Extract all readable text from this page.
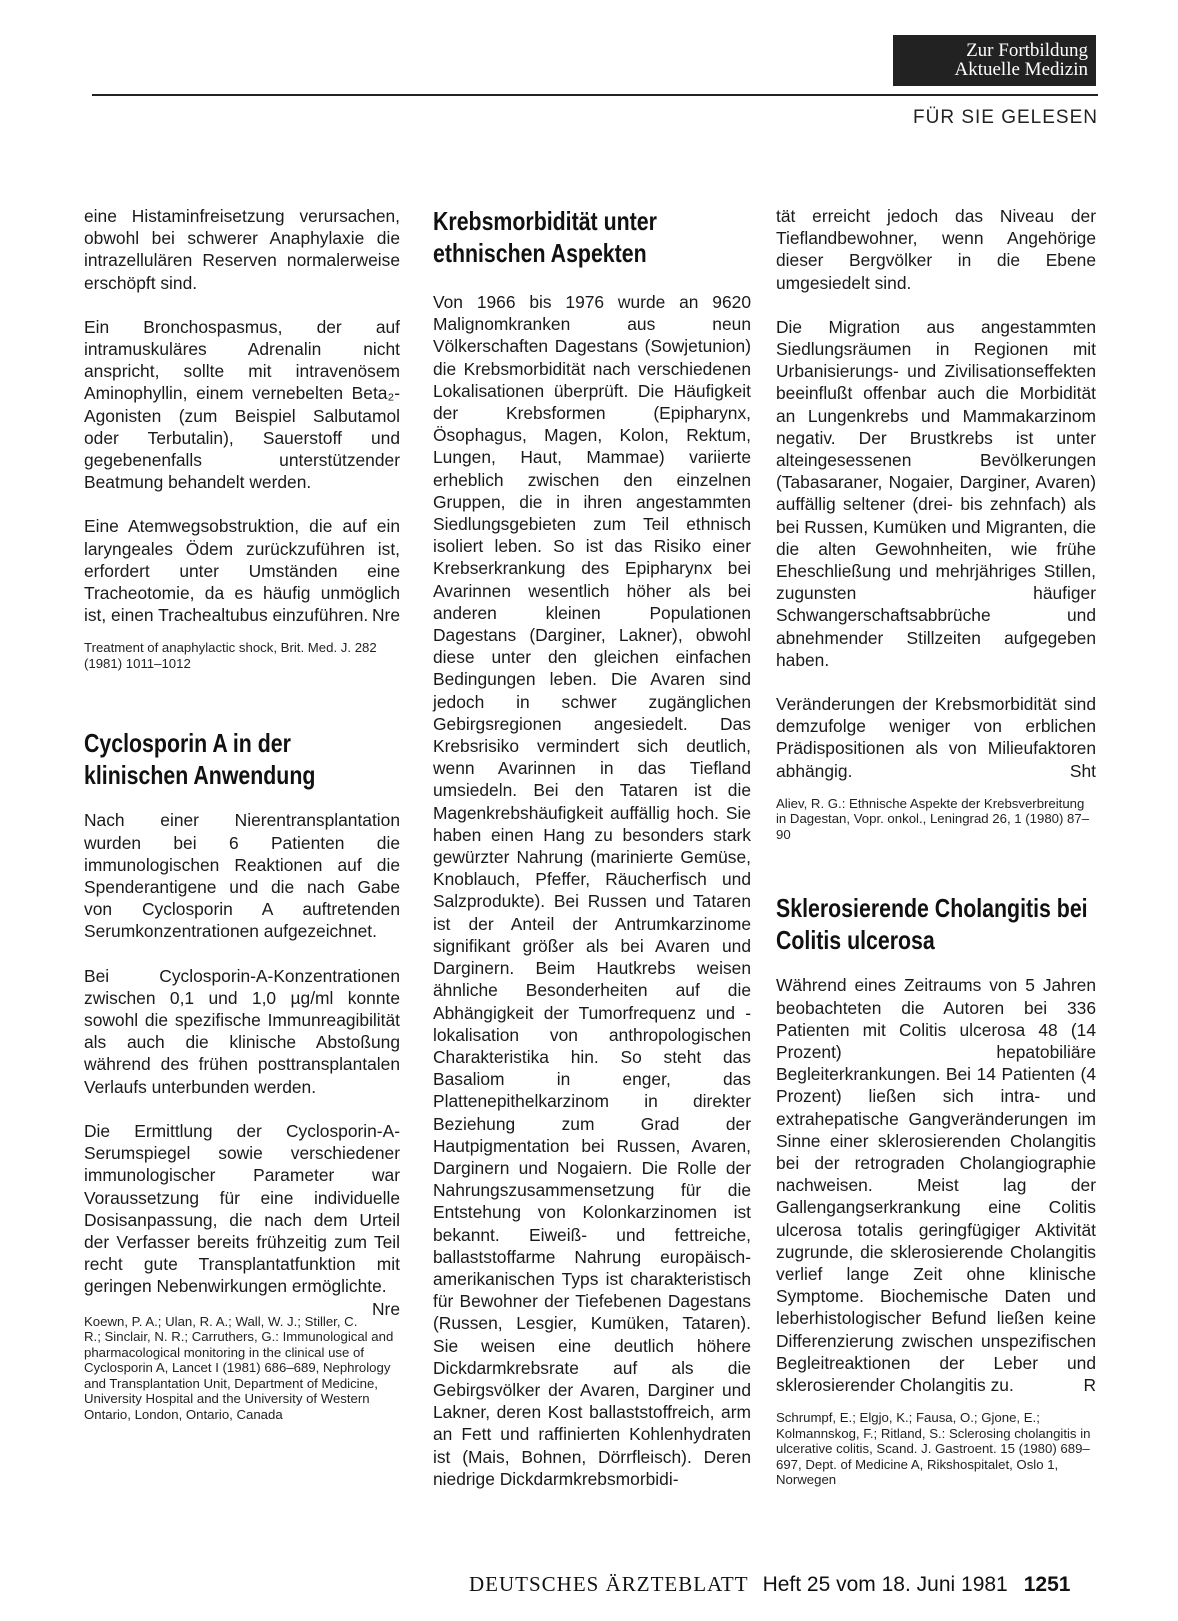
Zur Fortbildung
Aktuelle Medizin
FÜR SIE GELESEN

eine Histaminfreisetzung verursachen, obwohl bei schwerer Anaphylaxie die intrazellulären Reserven normalerweise erschöpft sind.

Ein Bronchospasmus, der auf intramuskuläres Adrenalin nicht anspricht, sollte mit intravenösem Aminophyllin, einem vernebelten Beta₂-Agonisten (zum Beispiel Salbutamol oder Terbutalin), Sauerstoff und gegebenenfalls unterstützender Beatmung behandelt werden.

Eine Atemwegsobstruktion, die auf ein laryngeales Ödem zurückzuführen ist, erfordert unter Umständen eine Tracheotomie, da es häufig unmöglich ist, einen Trachealtubus einzuführen. Nre

Treatment of anaphylactic shock, Brit. Med. J. 282 (1981) 1011–1012

Cyclosporin A in der klinischen Anwendung

Nach einer Nierentransplantation wurden bei 6 Patienten die immunologischen Reaktionen auf die Spenderantigene und die nach Gabe von Cyclosporin A auftretenden Serumkonzentrationen aufgezeichnet.

Bei Cyclosporin-A-Konzentrationen zwischen 0,1 und 1,0 µg/ml konnte sowohl die spezifische Immunreagibilität als auch die klinische Abstoßung während des frühen posttransplantalen Verlaufs unterbunden werden.

Die Ermittlung der Cyclosporin-A-Serumspiegel sowie verschiedener immunologischer Parameter war Voraussetzung für eine individuelle Dosisanpassung, die nach dem Urteil der Verfasser bereits frühzeitig zum Teil recht gute Transplantatfunktion mit geringen Nebenwirkungen ermöglichte.
Nre

Koewn, P. A.; Ulan, R. A.; Wall, W. J.; Stiller, C. R.; Sinclair, N. R.; Carruthers, G.: Immunological and pharmacological monitoring in the clinical use of Cyclosporin A, Lancet I (1981) 686–689, Nephrology and Transplantation Unit, Department of Medicine, University Hospital and the University of Western Ontario, London, Ontario, Canada

Krebsmorbidität unter ethnischen Aspekten

Von 1966 bis 1976 wurde an 9620 Malignomkranken aus neun Völkerschaften Dagestans (Sowjetunion) die Krebsmorbidität nach verschiedenen Lokalisationen überprüft. Die Häufigkeit der Krebsformen (Epipharynx, Ösophagus, Magen, Kolon, Rektum, Lungen, Haut, Mammae) variierte erheblich zwischen den einzelnen Gruppen, die in ihren angestammten Siedlungsgebieten zum Teil ethnisch isoliert leben. So ist das Risiko einer Krebserkrankung des Epipharynx bei Avarinnen wesentlich höher als bei anderen kleinen Populationen Dagestans (Darginer, Lakner), obwohl diese unter den gleichen einfachen Bedingungen leben. Die Avaren sind jedoch in schwer zugänglichen Gebirgsregionen angesiedelt. Das Krebsrisiko vermindert sich deutlich, wenn Avarinnen in das Tiefland umsiedeln. Bei den Tataren ist die Magenkrebshäufigkeit auffällig hoch. Sie haben einen Hang zu besonders stark gewürzter Nahrung (marinierte Gemüse, Knoblauch, Pfeffer, Räucherfisch und Salzprodukte). Bei Russen und Tataren ist der Anteil der Antrumkarzinome signifikant größer als bei Avaren und Darginern. Beim Hautkrebs weisen ähnliche Besonderheiten auf die Abhängigkeit der Tumorfrequenz und -lokalisation von anthropologischen Charakteristika hin. So steht das Basaliom in enger, das Plattenepithelkarzinom in direkter Beziehung zum Grad der Hautpigmentation bei Russen, Avaren, Darginern und Nogaiern. Die Rolle der Nahrungszusammensetzung für die Entstehung von Kolonkarzinomen ist bekannt. Eiweiß- und fettreiche, ballaststoffarme Nahrung europäisch-amerikanischen Typs ist charakteristisch für Bewohner der Tiefebenen Dagestans (Russen, Lesgier, Kumüken, Tataren). Sie weisen eine deutlich höhere Dickdarmkrebsrate auf als die Gebirgsvölker der Avaren, Darginer und Lakner, deren Kost ballaststoffreich, arm an Fett und raffinierten Kohlenhydraten ist (Mais, Bohnen, Dörrfleisch). Deren niedrige Dickdarmkrebsmorbidi-

tät erreicht jedoch das Niveau der Tieflandbewohner, wenn Angehörige dieser Bergvölker in die Ebene umgesiedelt sind.

Die Migration aus angestammten Siedlungsräumen in Regionen mit Urbanisierungs- und Zivilisationseffekten beeinflußt offenbar auch die Morbidität an Lungenkrebs und Mammakarzinom negativ. Der Brustkrebs ist unter alteingesessenen Bevölkerungen (Tabasaraner, Nogaier, Darginer, Avaren) auffällig seltener (drei- bis zehnfach) als bei Russen, Kumüken und Migranten, die die alten Gewohnheiten, wie frühe Eheschließung und mehrjähriges Stillen, zugunsten häufiger Schwangerschaftsabbrüche und abnehmender Stillzeiten aufgegeben haben.

Veränderungen der Krebsmorbidität sind demzufolge weniger von erblichen Prädispositionen als von Milieufaktoren abhängig.	Sht

Aliev, R. G.: Ethnische Aspekte der Krebsverbreitung in Dagestan, Vopr. onkol., Leningrad 26, 1 (1980) 87–90

Sklerosierende Cholangitis bei Colitis ulcerosa

Während eines Zeitraums von 5 Jahren beobachteten die Autoren bei 336 Patienten mit Colitis ulcerosa 48 (14 Prozent) hepatobiliäre Begleiterkrankungen. Bei 14 Patienten (4 Prozent) ließen sich intra- und extrahepatische Gangveränderungen im Sinne einer sklerosierenden Cholangitis bei der retrograden Cholangiographie nachweisen. Meist lag der Gallengangserkrankung eine Colitis ulcerosa totalis geringfügiger Aktivität zugrunde, die sklerosierende Cholangitis verlief lange Zeit ohne klinische Symptome. Biochemische Daten und leberhistologischer Befund ließen keine Differenzierung zwischen unspezifischen Begleitreaktionen der Leber und sklerosierender Cholangitis zu.	R

Schrumpf, E.; Elgjo, K.; Fausa, O.; Gjone, E.; Kolmannskog, F.; Ritland, S.: Sclerosing cholangitis in ulcerative colitis, Scand. J. Gastroent. 15 (1980) 689–697, Dept. of Medicine A, Rikshospitalet, Oslo 1, Norwegen

DEUTSCHES ÄRZTEBLATT Heft 25 vom 18. Juni 1981 1251
